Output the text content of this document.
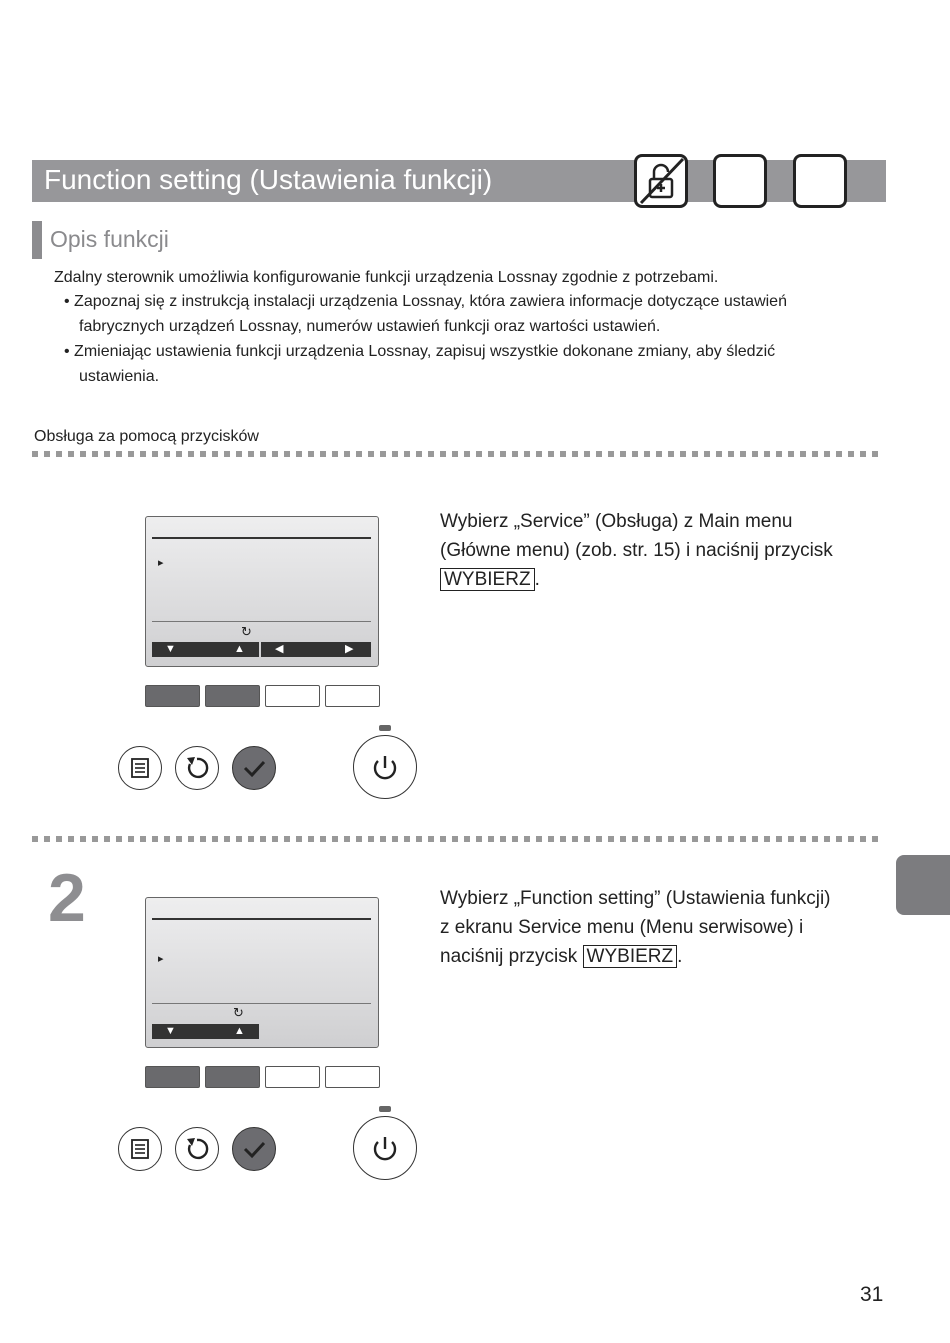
Function setting (Ustawienia funkcji)
Opis funkcji
Zdalny sterownik umożliwia konfigurowanie funkcji urządzenia Lossnay zgodnie z potrzebami.
• Zapoznaj się z instrukcją instalacji urządzenia Lossnay, która zawiera informacje dotyczące ustawień
fabrycznych urządzeń Lossnay, numerów ustawień funkcji oraz wartości ustawień.
• Zmieniając ustawienia funkcji urządzenia Lossnay, zapisuj wszystkie dokonane zmiany, aby śledzić
ustawienia.
Obsługa za pomocą przycisków
▸
↻
▼	▲	◀	▶
Wybierz „Service” (Obsługa) z Main menu
(Główne menu) (zob. str. 15) i naciśnij przycisk
WYBIERZ .
2
▸
↻
▼	▲
Wybierz „Function setting” (Ustawienia funkcji)
z ekranu Service menu (Menu serwisowe) i
naciśnij przycisk WYBIERZ .
31
